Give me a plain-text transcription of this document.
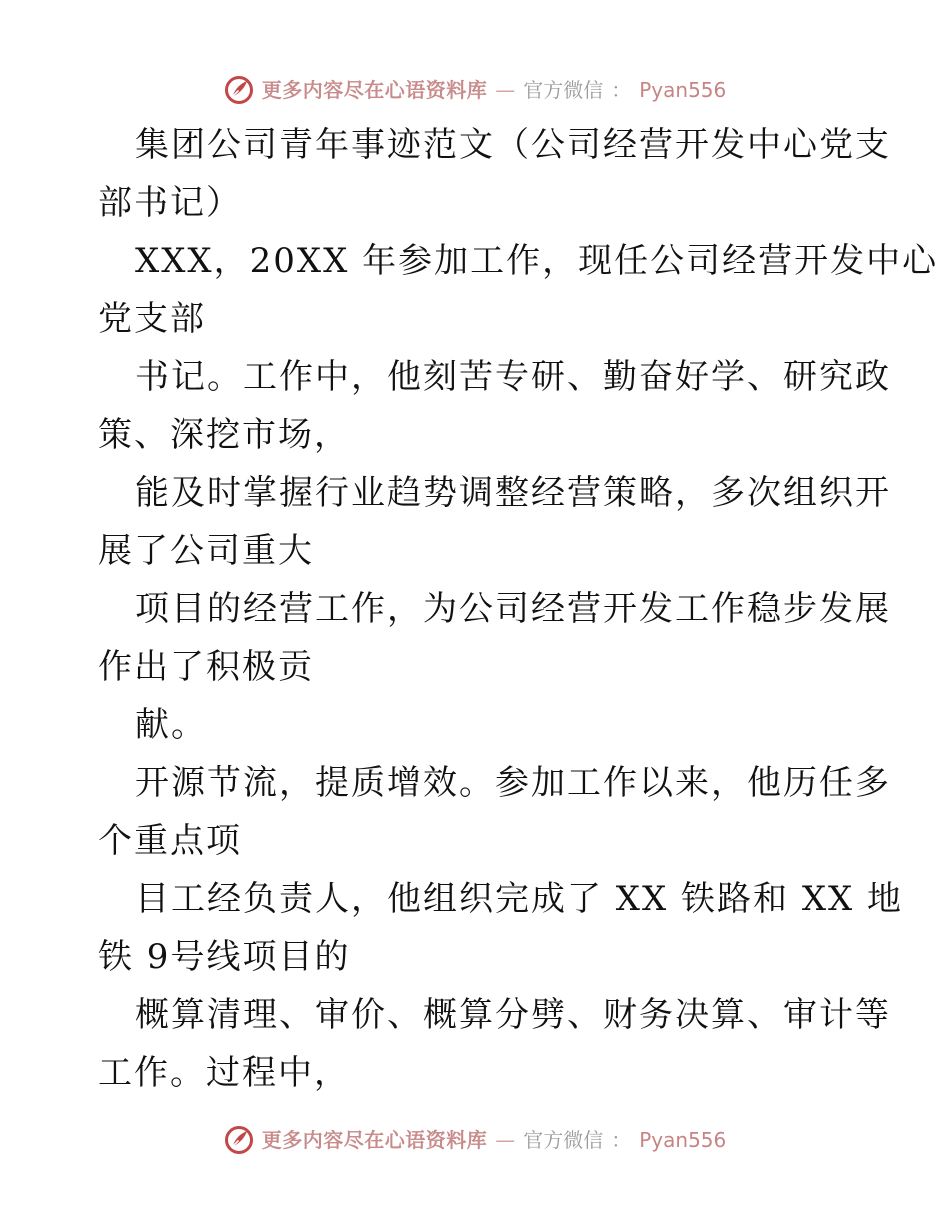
更多内容尽在心语资料库 — 官方微信 ： Pyan556
集团公司青年事迹范文（公司经营开发中心党支
部书记）
XXX，20XX 年参加工作，现任公司经营开发中心
党支部
书记。工作中，他刻苦专研、勤奋好学、研究政
策、深挖市场，
能及时掌握行业趋势调整经营策略，多次组织开
展了公司重大
项目的经营工作，为公司经营开发工作稳步发展
作出了积极贡
献。
开源节流，提质增效。参加工作以来，他历任多
个重点项
目工经负责人，他组织完成了 XX 铁路和 XX 地
铁 9号线项目的
概算清理、审价、概算分劈、财务决算、审计等
工作。过程中，
更多内容尽在心语资料库 — 官方微信 ： Pyan556
